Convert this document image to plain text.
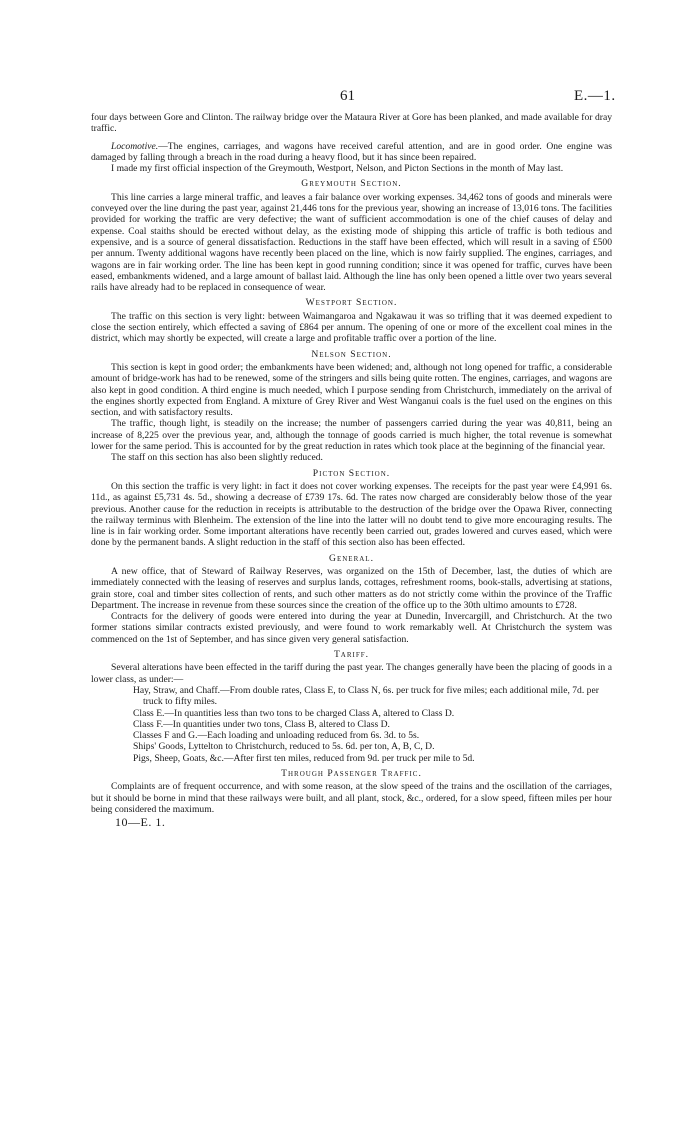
61	E.—1.

four days between Gore and Clinton. The railway bridge over the Mataura River at Gore has been planked, and made available for dray traffic.

Locomotive.—The engines, carriages, and wagons have received careful attention, and are in good order. One engine was damaged by falling through a breach in the road during a heavy flood, but it has since been repaired.

I made my first official inspection of the Greymouth, Westport, Nelson, and Picton Sections in the month of May last.

Greymouth Section.

This line carries a large mineral traffic, and leaves a fair balance over working expenses. 34,462 tons of goods and minerals were conveyed over the line during the past year, against 21,446 tons for the previous year, showing an increase of 13,016 tons. The facilities provided for working the traffic are very defective; the want of sufficient accommodation is one of the chief causes of delay and expense. Coal staiths should be erected without delay, as the existing mode of shipping this article of traffic is both tedious and expensive, and is a source of general dissatisfaction. Reductions in the staff have been effected, which will result in a saving of £500 per annum. Twenty additional wagons have recently been placed on the line, which is now fairly supplied. The engines, carriages, and wagons are in fair working order. The line has been kept in good running condition; since it was opened for traffic, curves have been eased, embankments widened, and a large amount of ballast laid. Although the line has only been opened a little over two years several rails have already had to be replaced in consequence of wear.

Westport Section.

The traffic on this section is very light: between Waimangaroa and Ngakawau it was so trifling that it was deemed expedient to close the section entirely, which effected a saving of £864 per annum. The opening of one or more of the excellent coal mines in the district, which may shortly be expected, will create a large and profitable traffic over a portion of the line.

Nelson Section.

This section is kept in good order; the embankments have been widened; and, although not long opened for traffic, a considerable amount of bridge-work has had to be renewed, some of the stringers and sills being quite rotten. The engines, carriages, and wagons are also kept in good condition. A third engine is much needed, which I purpose sending from Christchurch, immediately on the arrival of the engines shortly expected from England. A mixture of Grey River and West Wanganui coals is the fuel used on the engines on this section, and with satisfactory results.

The traffic, though light, is steadily on the increase; the number of passengers carried during the year was 40,811, being an increase of 8,225 over the previous year, and, although the tonnage of goods carried is much higher, the total revenue is somewhat lower for the same period. This is accounted for by the great reduction in rates which took place at the beginning of the financial year.

The staff on this section has also been slightly reduced.

Picton Section.

On this section the traffic is very light: in fact it does not cover working expenses. The receipts for the past year were £4,991 6s. 11d., as against £5,731 4s. 5d., showing a decrease of £739 17s. 6d. The rates now charged are considerably below those of the year previous. Another cause for the reduction in receipts is attributable to the destruction of the bridge over the Opawa River, connecting the railway terminus with Blenheim. The extension of the line into the latter will no doubt tend to give more encouraging results. The line is in fair working order. Some important alterations have recently been carried out, grades lowered and curves eased, which were done by the permanent bands. A slight reduction in the staff of this section also has been effected.

General.

A new office, that of Steward of Railway Reserves, was organized on the 15th of December, last, the duties of which are immediately connected with the leasing of reserves and surplus lands, cottages, refreshment rooms, book-stalls, advertising at stations, grain store, coal and timber sites collection of rents, and such other matters as do not strictly come within the province of the Traffic Department. The increase in revenue from these sources since the creation of the office up to the 30th ultimo amounts to £728.

Contracts for the delivery of goods were entered into during the year at Dunedin, Invercargill, and Christchurch. At the two former stations similar contracts existed previously, and were found to work remarkably well. At Christchurch the system was commenced on the 1st of September, and has since given very general satisfaction.

Tariff.

Several alterations have been effected in the tariff during the past year. The changes generally have been the placing of goods in a lower class, as under:—

Hay, Straw, and Chaff.—From double rates, Class E, to Class N, 6s. per truck for five miles; each additional mile, 7d. per truck to fifty miles.

Class E.—In quantities less than two tons to be charged Class A, altered to Class D.

Class F.—In quantities under two tons, Class B, altered to Class D.

Classes F and G.—Each loading and unloading reduced from 6s. 3d. to 5s.

Ships' Goods, Lyttelton to Christchurch, reduced to 5s. 6d. per ton, A, B, C, D.

Pigs, Sheep, Goats, &c.—After first ten miles, reduced from 9d. per truck per mile to 5d.

Through Passenger Traffic.

Complaints are of frequent occurrence, and with some reason, at the slow speed of the trains and the oscillation of the carriages, but it should be borne in mind that these railways were built, and all plant, stock, &c., ordered, for a slow speed, fifteen miles per hour being considered the maximum.

10—E. 1.
